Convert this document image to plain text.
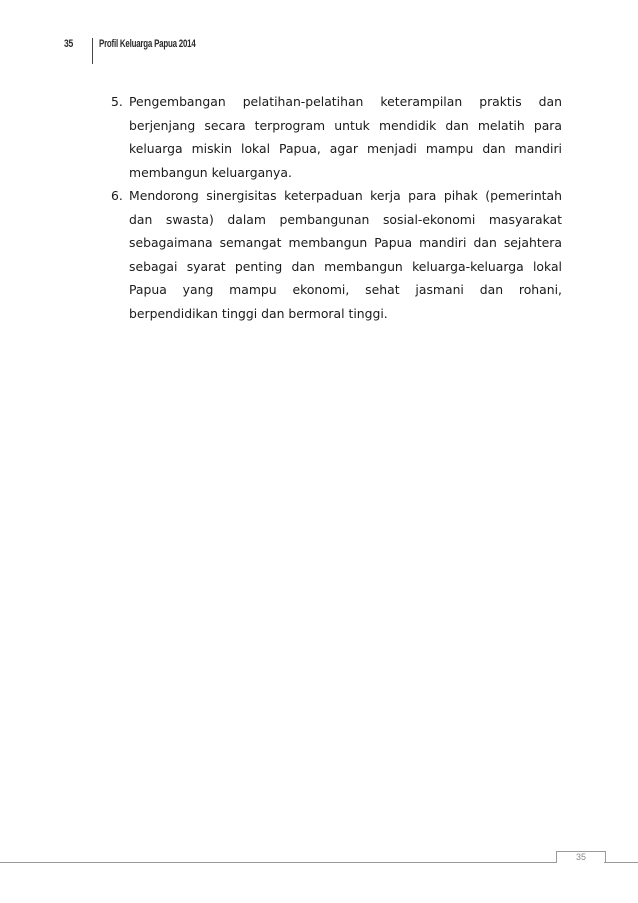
35	Profil Keluarga Papua 2014
5. Pengembangan pelatihan-pelatihan keterampilan praktis dan berjenjang secara terprogram untuk mendidik dan melatih para keluarga miskin lokal Papua, agar menjadi mampu dan mandiri membangun keluarganya.
6. Mendorong sinergisitas keterpaduan kerja para pihak (pemerintah dan swasta) dalam pembangunan sosial-ekonomi masyarakat sebagaimana semangat membangun Papua mandiri dan sejahtera sebagai syarat penting dan membangun keluarga-keluarga lokal Papua yang mampu ekonomi, sehat jasmani dan rohani, berpendidikan tinggi dan bermoral tinggi.
35
